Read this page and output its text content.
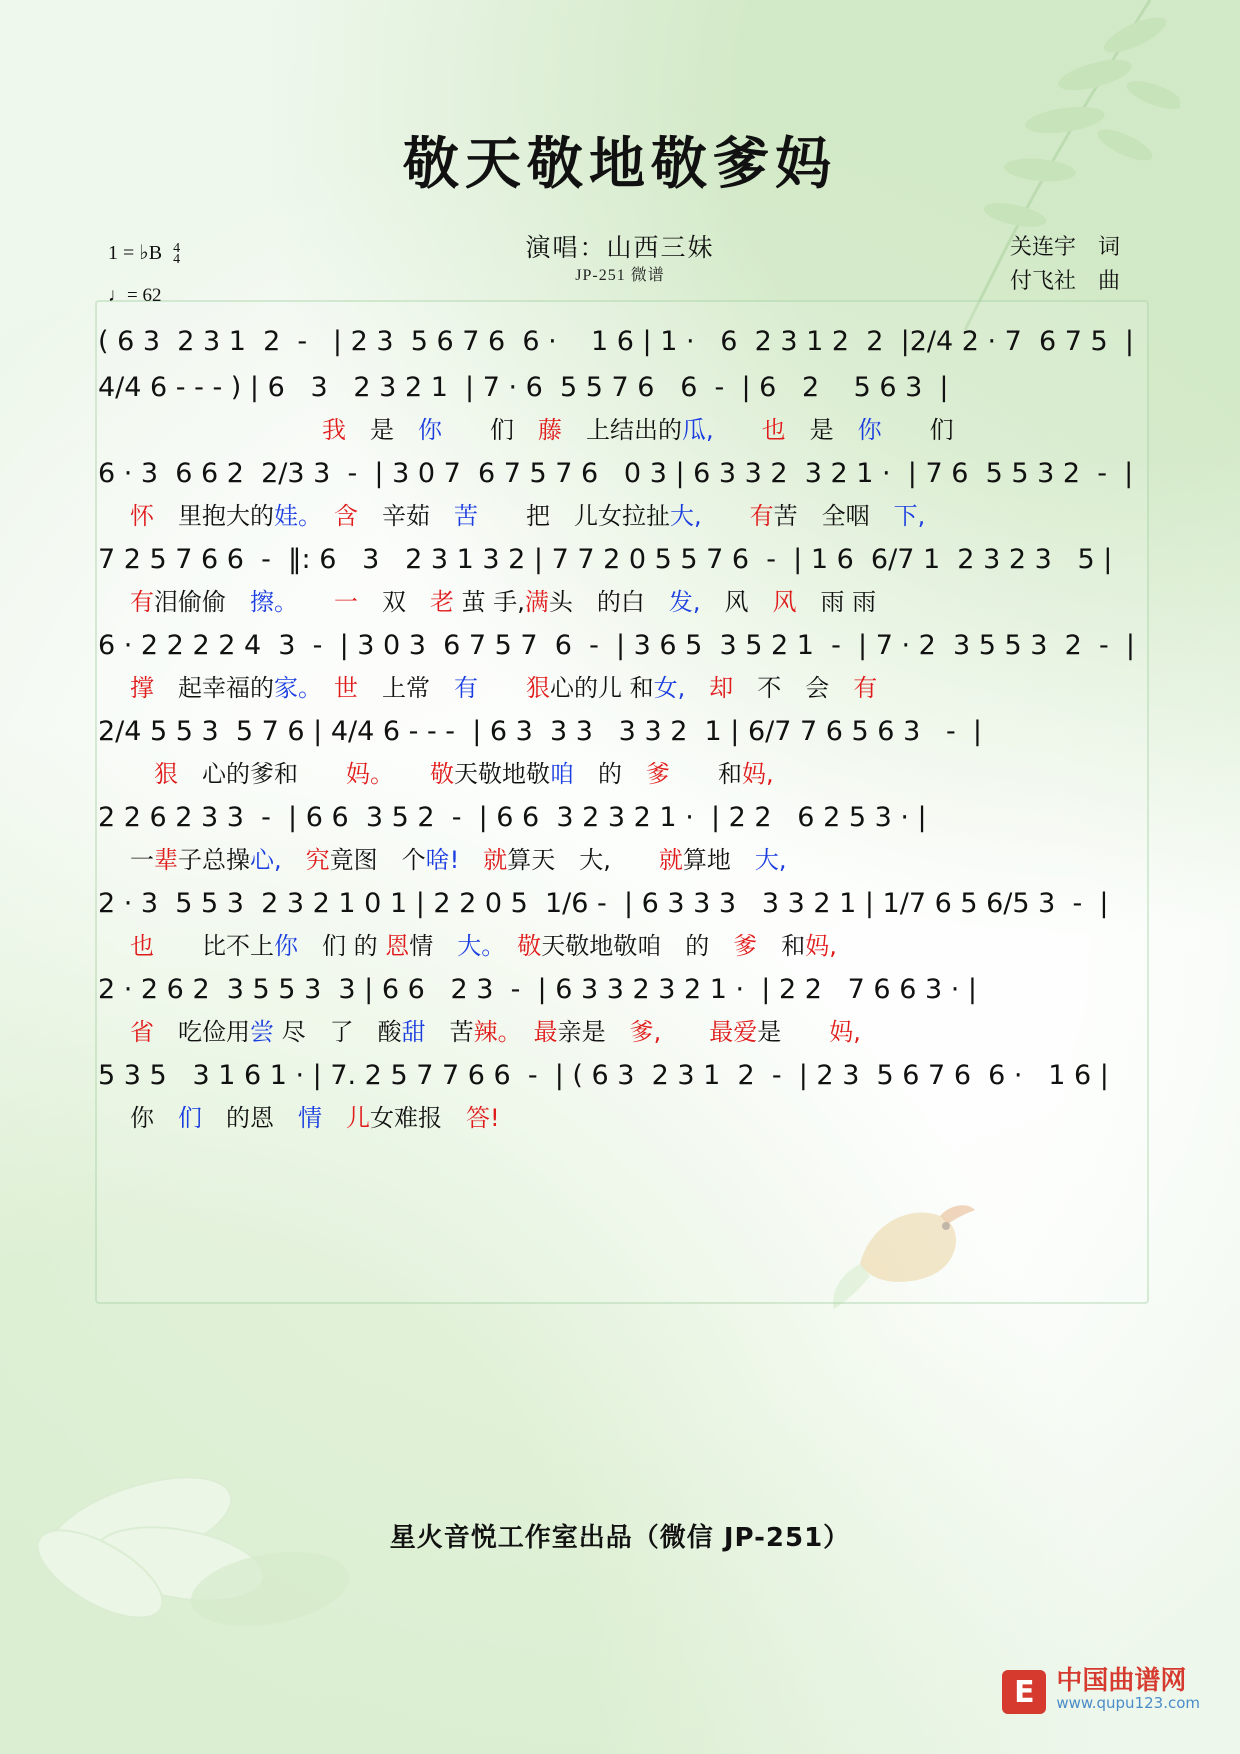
敬天敬地敬爹妈
演唱：山西三妹
JP-251 微谱
关连宇　词
付飞社　曲
1 = ♭B 4
4
♩= 62
( 6 3  2 3 1  2  -   | 2 3  5 6 7 6  6 ·    1 6 | 1 ·   6  2 3 1 2  2  |2/4 2 · 7  6 7 5  |
4/4 6 - - - ) | 6   3   2 3 2 1  | 7 · 6  5 5 7 6   6  -  | 6   2    5 6 3  |
　　　　　　　　我　是　你　　们　藤　上结出的瓜,　　 也　是　你　　们
6 · 3  6 6 2  2/3 3  -  | 3 0 7  6 7 5 7 6   0 3 | 6 3 3 2  3 2 1 ·  | 7 6  5 5 3 2  -  |
怀　里抱大的娃。　 含　辛茹　苦　　把　儿女拉扯大,　　 有苦　全咽　下,
7 2 5 7 6 6  -  ‖: 6   3   2 3 1 3 2 | 7 7 2 0 5 5 7 6  -  | 1 6  6/7 1  2 3 2 3   5 |
有泪偷偷　擦。　　 一　双　老 茧 手,满头　的白　发,　风　风　雨 雨
6 · 2 2 2 2 4  3  -  | 3 0 3  6 7 5 7  6  -  | 3 6 5  3 5 2 1  -  | 7 · 2  3 5 5 3  2  -  |
撑　起幸福的家。　 世　上常　有　　 狠心的儿 和女,　 却　不　会　有
2/4 5 5 3  5 7 6 | 4/4 6 - - -  | 6 3  3 3   3 3 2  1 | 6/7 7 6 5 6 3   -  |
　狠　心的爹和　　妈。　　 敬天敬地敬咱　的　爹　　和妈,
2 2 6 2 3 3  -  | 6 6  3 5 2  -  | 6 6  3 2 3 2 1 ·  | 2 2   6 2 5 3 · |
一辈子总操心,　 究竟图　个啥!　 就算天　大,　　就算地　大,
2 · 3  5 5 3  2 3 2 1 0 1 | 2 2 0 5  1/6 -  | 6 3 3 3   3 3 2 1 | 1/7 6 5 6/5 3  -  |
也　　比不上你　们 的 恩情　大。　 敬天敬地敬咱　的　爹　和妈,
2 · 2 6 2  3 5 5 3  3 | 6 6   2 3  -  | 6 3 3 2 3 2 1 ·  | 2 2   7 6 6 3 · |
省　吃俭用尝 尽　了　酸甜　苦辣。　 最亲是　爹,　　 最爱是　　妈,
5 3 5   3 1 6 1 · | 7. 2 5 7 7 6 6  -  | ( 6 3  2 3 1  2  -  | 2 3  5 6 7 6  6 ·   1 6 |
你　们　的恩　情　 儿女难报　答!
星火音悦工作室出品（微信 JP-251）
E 中国曲谱网
www.qupu123.com
